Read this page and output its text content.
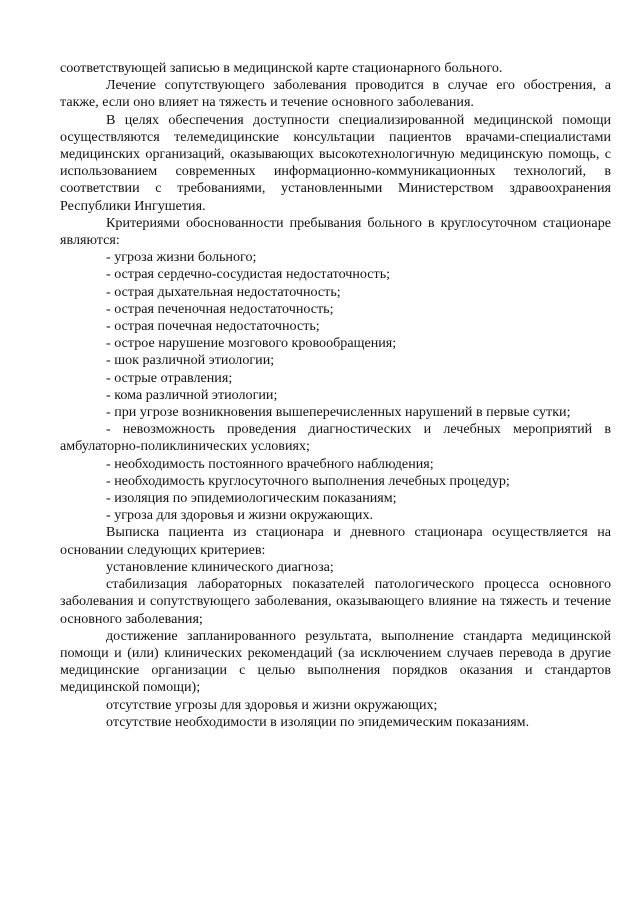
соответствующей записью в медицинской карте стационарного больного.

Лечение сопутствующего заболевания проводится в случае его обострения, а также, если оно влияет на тяжесть и течение основного заболевания.

В целях обеспечения доступности специализированной медицинской помощи осуществляются телемедицинские консультации пациентов врачами-специалистами медицинских организаций, оказывающих высокотехнологичную медицинскую помощь, с использованием современных информационно-коммуникационных технологий, в соответствии с требованиями, установленными Министерством здравоохранения Республики Ингушетия.

Критериями обоснованности пребывания больного в круглосуточном стационаре являются:

- угроза жизни больного;

- острая сердечно-сосудистая недостаточность;

- острая дыхательная недостаточность;

- острая печеночная недостаточность;

- острая почечная недостаточность;

- острое нарушение мозгового кровообращения;

- шок различной этиологии;

- острые отравления;

- кома различной этиологии;

- при угрозе возникновения вышеперечисленных нарушений в первые сутки;

- невозможность проведения диагностических и лечебных мероприятий в амбулаторно-поликлинических условиях;

- необходимость постоянного врачебного наблюдения;

- необходимость круглосуточного выполнения лечебных процедур;

- изоляция по эпидемиологическим показаниям;

- угроза для здоровья и жизни окружающих.

Выписка пациента из стационара и дневного стационара осуществляется на основании следующих критериев:

установление клинического диагноза;

стабилизация лабораторных показателей патологического процесса основного заболевания и сопутствующего заболевания, оказывающего влияние на тяжесть и течение основного заболевания;

достижение запланированного результата, выполнение стандарта медицинской помощи и (или) клинических рекомендаций (за исключением случаев перевода в другие медицинские организации с целью выполнения порядков оказания и стандартов медицинской помощи);

отсутствие угрозы для здоровья и жизни окружающих;

отсутствие необходимости в изоляции по эпидемическим показаниям.
